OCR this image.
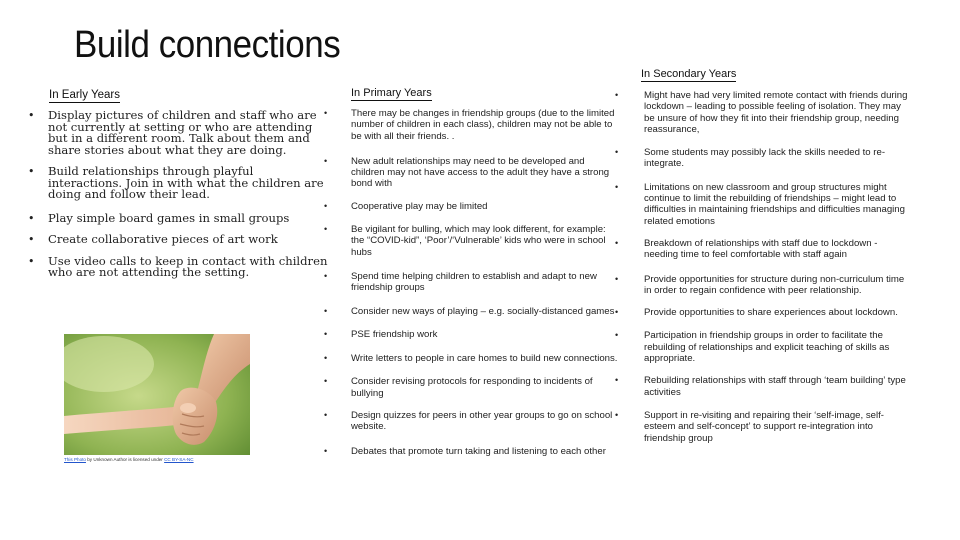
Build connections
In Early Years	In Primary Years
In Secondary Years
• Display pictures of children and staff who are not currently at setting or who are attending but in a different room. Talk about them and share stories about what they are doing.
• Build relationships through playful interactions. Join in with what the children are doing and follow their lead.
• Play simple board games in small groups
• Create collaborative pieces of art work
• Use video calls to keep in contact with children who are not attending the setting.
• There may be changes in friendship groups (due to the limited number of children in each class), children may not be able to be with all their friends. .
• New adult relationships may need to be developed and children may not have access to the adult they have a strong bond with
• Cooperative play may be limited
• Be vigilant for bulling, which may look different, for example: the “COVID-kid”, ‘Poor’/‘Vulnerable’ kids who were in school hubs
• Spend time helping children to establish and adapt to new friendship groups
• Consider new ways of playing – e.g. socially-distanced games
• PSE friendship work
• Write letters to people in care homes to build new connections.
• Consider revising protocols for responding to incidents of bullying
• Design quizzes for peers in other year groups to go on school website.
• Debates that promote turn taking and listening to each other
• Might have had very limited remote contact with friends during lockdown – leading to possible feeling of isolation. They may be unsure of how they fit into their friendship group, needing reassurance,
• Some students may possibly lack the skills needed to re-integrate.
• Limitations on new classroom and group structures might continue to limit the rebuilding of friendships – might lead to difficulties in maintaining friendships and difficulties managing related emotions
• Breakdown of relationships with staff due to lockdown - needing time to feel comfortable with staff again
• Provide opportunities for structure during non-curriculum time in order to regain confidence with peer relationship.
• Provide opportunities to share experiences about lockdown.
• Participation in friendship groups in order to facilitate the rebuilding of relationships and explicit teaching of skills as appropriate.
• Rebuilding relationships with staff through ‘team building’ type activities
• Support in re-visiting and repairing their ‘self-image, self-esteem and self-concept’ to support re-integration into friendship group
This Photo by Unknown Author is licensed under CC BY-SA-NC
